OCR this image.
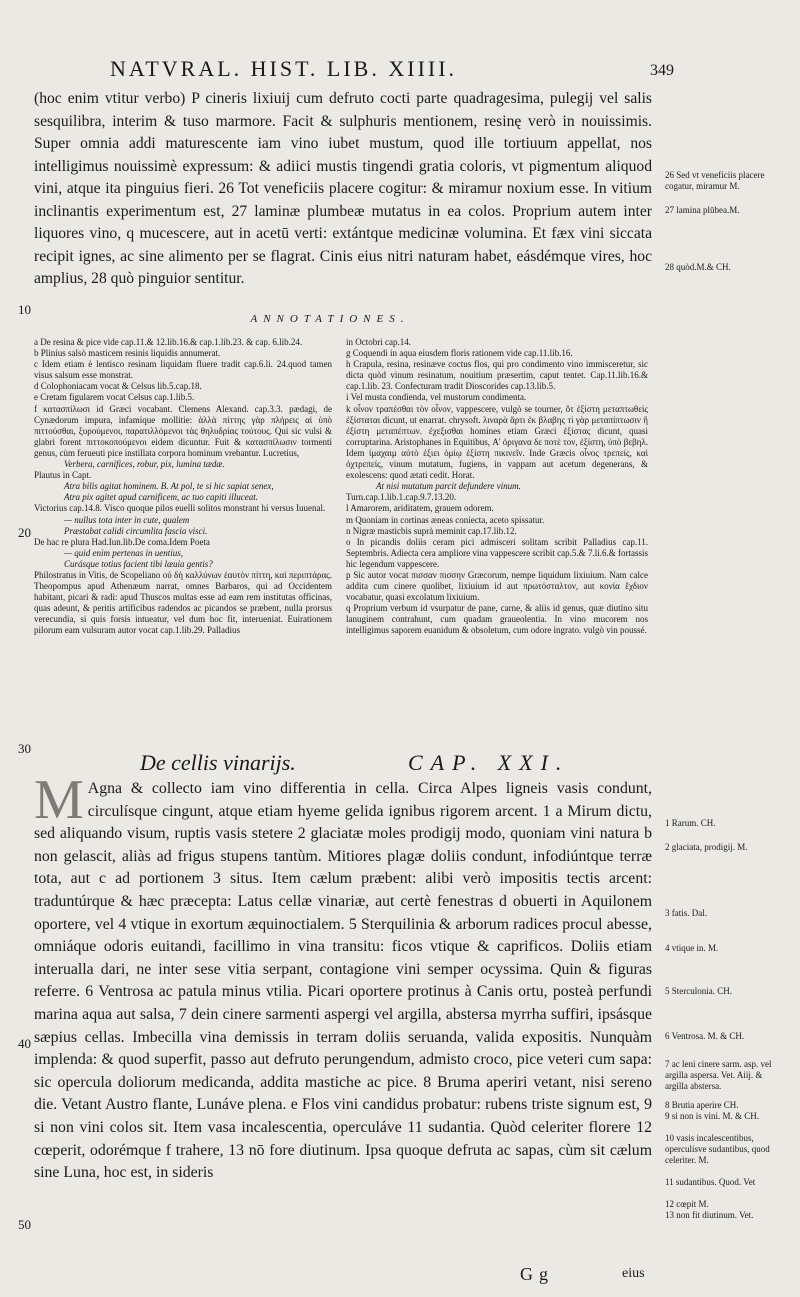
NATVRAL. HIST. LIB. XIIII.	349

(hoc enim vtitur verbo) P cineris lixiuij cum defruto cocti parte quadragesima, pulegij vel salis sesquilibra, interim & tuso marmore. Facit & sulphuris mentionem, resinę verò in nouissimis. Super omnia addi maturescente iam vino iubet mustum, quod ille tortiuum appellat, nos intelligimus nouissimè expressum: & adiici mustis tingendi gratia coloris, vt pigmentum aliquod vini, atque ita pinguius fieri. 26 Tot veneficiis placere cogitur: & miramur noxium esse. In vitium inclinantis experimentum est, 27 laminæ plumbeæ mutatus in ea colos. Proprium autem inter liquores vino, q mucescere, aut in acetū verti: extántque medicinæ volumina. Et fæx vini siccata recipit ignes, ac sine alimento per se flagrat. Cinis eius nitri naturam habet, eásdémque vires, hoc amplius, 28 quò pinguior sentitur.

26 Sed vt veneficiis placere cogatur, miramur M.
27 lamina plūbea.M.
28 quòd.M.& CH.
10
20
30
40
50
ANNOTATIONES.

a De resina & pice vide cap.11.& 12.lib.16.& cap.1.lib.23. & cap. 6.lib.24.

b Plinius salsò masticem resinis liquidis annumerat.

c Idem etiam è lentisco resinam liquidam fluere tradit cap.6.li. 24.quod tamen visus salsum esse monstrat.

d Colophoniacam vocat & Celsus lib.5.cap.18.

e Cretam figularem vocat Celsus cap.1.lib.5.

f κατασπίλωσι id Græci vocabant. Clemens Alexand. cap.3.3. pædagi, de Cynædorum impura, infamique mollitie: ἀλλὰ πίττης γὰρ πλήρεις αἱ ὑπὸ πιττούσθαι, ξυρούμενοι, παρατιλλόμενοι τὰς θηλυδρίας τούτους. Qui sic vulsi & glabri forent πιττοκοπούμενοι eidem dicuntur. Fuit & κατασπίλωσιν tormenti genus, cùm ferueuti pice instillata corpora hominum vrebantur. Lucretius,

Verbera, carnifices, robur, pix, lumina tædæ.

Plautus in Capt.

Atra bilis agitat hominem. B. At pol, te si hic sapiat senex,

Atra pix agitet apud carnificem, ac tuo capiti illuceat.

Victorius cap.14.8. Visco quoque pilos euelli solitos monstrant hi versus Iuuenal.

— nullus tota inter in cute, qualem

Præstabat calidi circumlita fascia visci.

De hac re plura Had.Iun.lib.De coma.Idem Poeta

— quid enim pertenas in uentius,

Curásque totius facient tibi læuia gentis?

Philostratus in Vitis, de Scopeliano οὐ δὴ καλλύνων ἑαυτὸν πίττη, καὶ περιπτάρας. Theopompus apud Athenæum narrat, omnes Barbaros, qui ad Occidentem habitant, picari & radi: apud Thuscos multas esse ad eam rem institutas officinas, quas adeunt, & peritis artificibus radendos ac picandos se præbent, nulla prorsus verecundia, si quis forsis intueatur, vel dum hoc fit, interueniat. Euirationem pilorum eam vulsuram autor vocat cap.1.lib.29. Palladius

in Octobri cap.14.

g Coquendi in aqua eiusdem floris rationem vide cap.11.lib.16.

h Crapula, resina, resinæve coctus flos, qui pro condimento vino immisceretur, sic dicta quòd vinum resinatum, nouitium præsertim, caput tentet. Cap.11.lib.16.& cap.1.lib. 23. Confecturam tradit Dioscorides cap.13.lib.5.

i Vel musta condienda, vel mustorum condimenta.

k οἶνον τραπέσθαι τὸν οἶνον, vappescere, vulgò se tourner, ὄτ ἐξίστη μεταπτωθεὶς ἐξίσταται dicunt, ut enarrat. chrysoft. λιναρὰ ἄρτι ἐκ βλαβης τὶ γὰρ μεταπίπτωσιν ἢ ἐξίστη μεταπέπτων. ἐχεξισθαι homines etiam Græci ἐξίστας dicunt, quasi corruptarina. Aristophanes in Equitibus, Α' ὀριγανα δε ποτὲ τον, ἐξίστη, ὑπὸ βεβηλ. Idem ἰμαχαιμ αὐτὸ ἐξιει ὁμίῳ ἐξίστη πικινεῖν. Inde Græcis οἶνος τρεπείς, καὶ ὀχτρεπείς, vinum mutatum, fugiens, in vappam aut acetum degenerans, & exolescens: quod ætati cedit. Horat.

At nisi mutatum parcit defundere vinum.

Turn.cap.1.lib.1.cap.9.7.13.20.

l Amarorem, ariditatem, grauem odorem.

m Quoniam in cortinas æneas coniecta, aceto spissatur.

n Nigræ masticbis suprà meminit cap.17.lib.12.

o In picandis doliis ceram pici admisceri solitam scribit Palladius cap.11. Septembris. Adiecta cera ampliore vina vappescere scribit cap.5.& 7.li.6.& fortassis hic legendum vappescere.

p Sic autor vocat πισσαν πισσην Græcorum, nempe liquidum lixiuium. Nam calce addita cum cinere quolibet, lixiuium id aut πρωτόσταλτον, aut κονία ἔχδιον vocabatur, quasi excolatum lixiuium.

q Proprium verbum id vsurpatur de pane, carne, & aliis id genus, quæ diutino situ lanuginem contrahunt, cum quadam graueolentia. In vino mucorem nos intelligimus saporem euanidum & obsoletum, cum odore ingrato. vulgò vin poussé.

De cellis vinarijs.	CAP. XXI.
M Agna & collecto iam vino differentia in cella. Circa Alpes ligneis vasis condunt, circulísque cingunt, atque etiam hyeme gelida ignibus rigorem arcent. 1 a Mirum dictu, sed aliquando visum, ruptis vasis stetere 2 glaciatæ moles prodigij modo, quoniam vini natura b non gelascit, aliàs ad frigus stupens tantùm. Mitiores plagæ doliis condunt, infodiúntque terræ tota, aut c ad portionem 3 situs. Item cælum præbent: alibi verò impositis tectis arcent: traduntúrque & hæc præcepta: Latus cellæ vinariæ, aut certè fenestras d obuerti in Aquilonem oportere, vel 4 vtique in exortum æquinoctialem. 5 Sterquilinia & arborum radices procul abesse, omniáque odoris euitandi, facillimo in vina transitu: ficos vtique & caprificos. Doliis etiam interualla dari, ne inter sese vitia serpant, contagione vini semper ocyssima. Quin & figuras referre. 6 Ventrosa ac patula minus vtilia. Picari oportere protinus à Canis ortu, posteà perfundi marina aqua aut salsa, 7 dein cinere sarmenti aspergi vel argilla, abstersa myrrha suffiri, ipsásque sæpius cellas. Imbecilla vina demissis in terram doliis seruanda, valida expositis. Nunquàm implenda: & quod superfit, passo aut defruto perungendum, admisto croco, pice veteri cum sapa: sic opercula doliorum medicanda, addita mastiche ac pice. 8 Bruma aperiri vetant, nisi sereno die. Vetant Austro flante, Lunáve plena. e Flos vini candidus probatur: rubens triste signum est, 9 si non vini colos sit. Item vasa incalescentia, operculáve 11 sudantia. Quòd celeriter florere 12 cœperit, odorémque f trahere, 13 nō fore diutinum. Ipsa quoque defruta ac sapas, cùm sit cælum sine Luna, hoc est, in sideris

1 Rarum. CH.
2 glaciata, prodigij. M.
3 fatis. Dal.
4 vtique in. M.
5 Sterculonia. CH.
6 Ventrosa. M. & CH.
7 ac leni cinere sarm. asp. vel argilla aspersa. Vet. Aiij. & argilla abstersa.
8 Brutia aperire CH.
9 si non is vini. M. & CH.
10 vasis incalescentibus, operculísve sudantibus, quod celeriter. M.
11 sudantibus. Quod. Vet
12 cœpit M.
13 non fit diutinum. Vet.
Gg	eius
